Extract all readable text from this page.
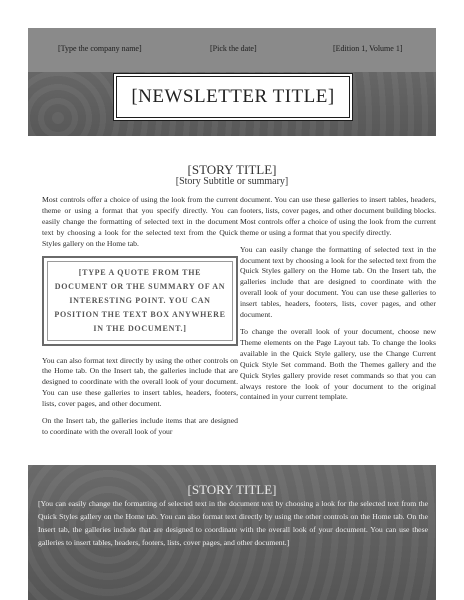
[Type the company name]	[Pick the date]	[Edition 1, Volume 1]
[NEWSLETTER TITLE]
[STORY TITLE]
[Story Subtitle or summary]

Most controls offer a choice of using the look from the current theme or using a format that you specify directly. You can easily change the formatting of selected text in the document text by choosing a look for the selected text from the Quick Styles gallery on the Home tab.

[TYPE A QUOTE FROM THE DOCUMENT OR THE SUMMARY OF AN INTERESTING POINT. YOU CAN POSITION THE TEXT BOX ANYWHERE IN THE DOCUMENT.]

You can also format text directly by using the other controls on the Home tab. On the Insert tab, the galleries include that are designed to coordinate with the overall look of your document. You can use these galleries to insert tables, headers, footers, lists, cover pages, and other document.

On the Insert tab, the galleries include items that are designed to coordinate with the overall look of your

document. You can use these galleries to insert tables, headers, footers, lists, cover pages, and other document building blocks. Most controls offer a choice of using the look from the current theme or using a format that you specify directly.

You can easily change the formatting of selected text in the document text by choosing a look for the selected text from the Quick Styles gallery on the Home tab. On the Insert tab, the galleries include that are designed to coordinate with the overall look of your document. You can use these galleries to insert tables, headers, footers, lists, cover pages, and other document.

To change the overall look of your document, choose new Theme elements on the Page Layout tab. To change the looks available in the Quick Style gallery, use the Change Current Quick Style Set command. Both the Themes gallery and the Quick Styles gallery provide reset commands so that you can always restore the look of your document to the original contained in your current template.

[STORY TITLE]
[You can easily change the formatting of selected text in the document text by choosing a look for the selected text from the Quick Styles gallery on the Home tab. You can also format text directly by using the other controls on the Home tab. On the Insert tab, the galleries include that are designed to coordinate with the overall look of your document. You can use these galleries to insert tables, headers, footers, lists, cover pages, and other document.]
